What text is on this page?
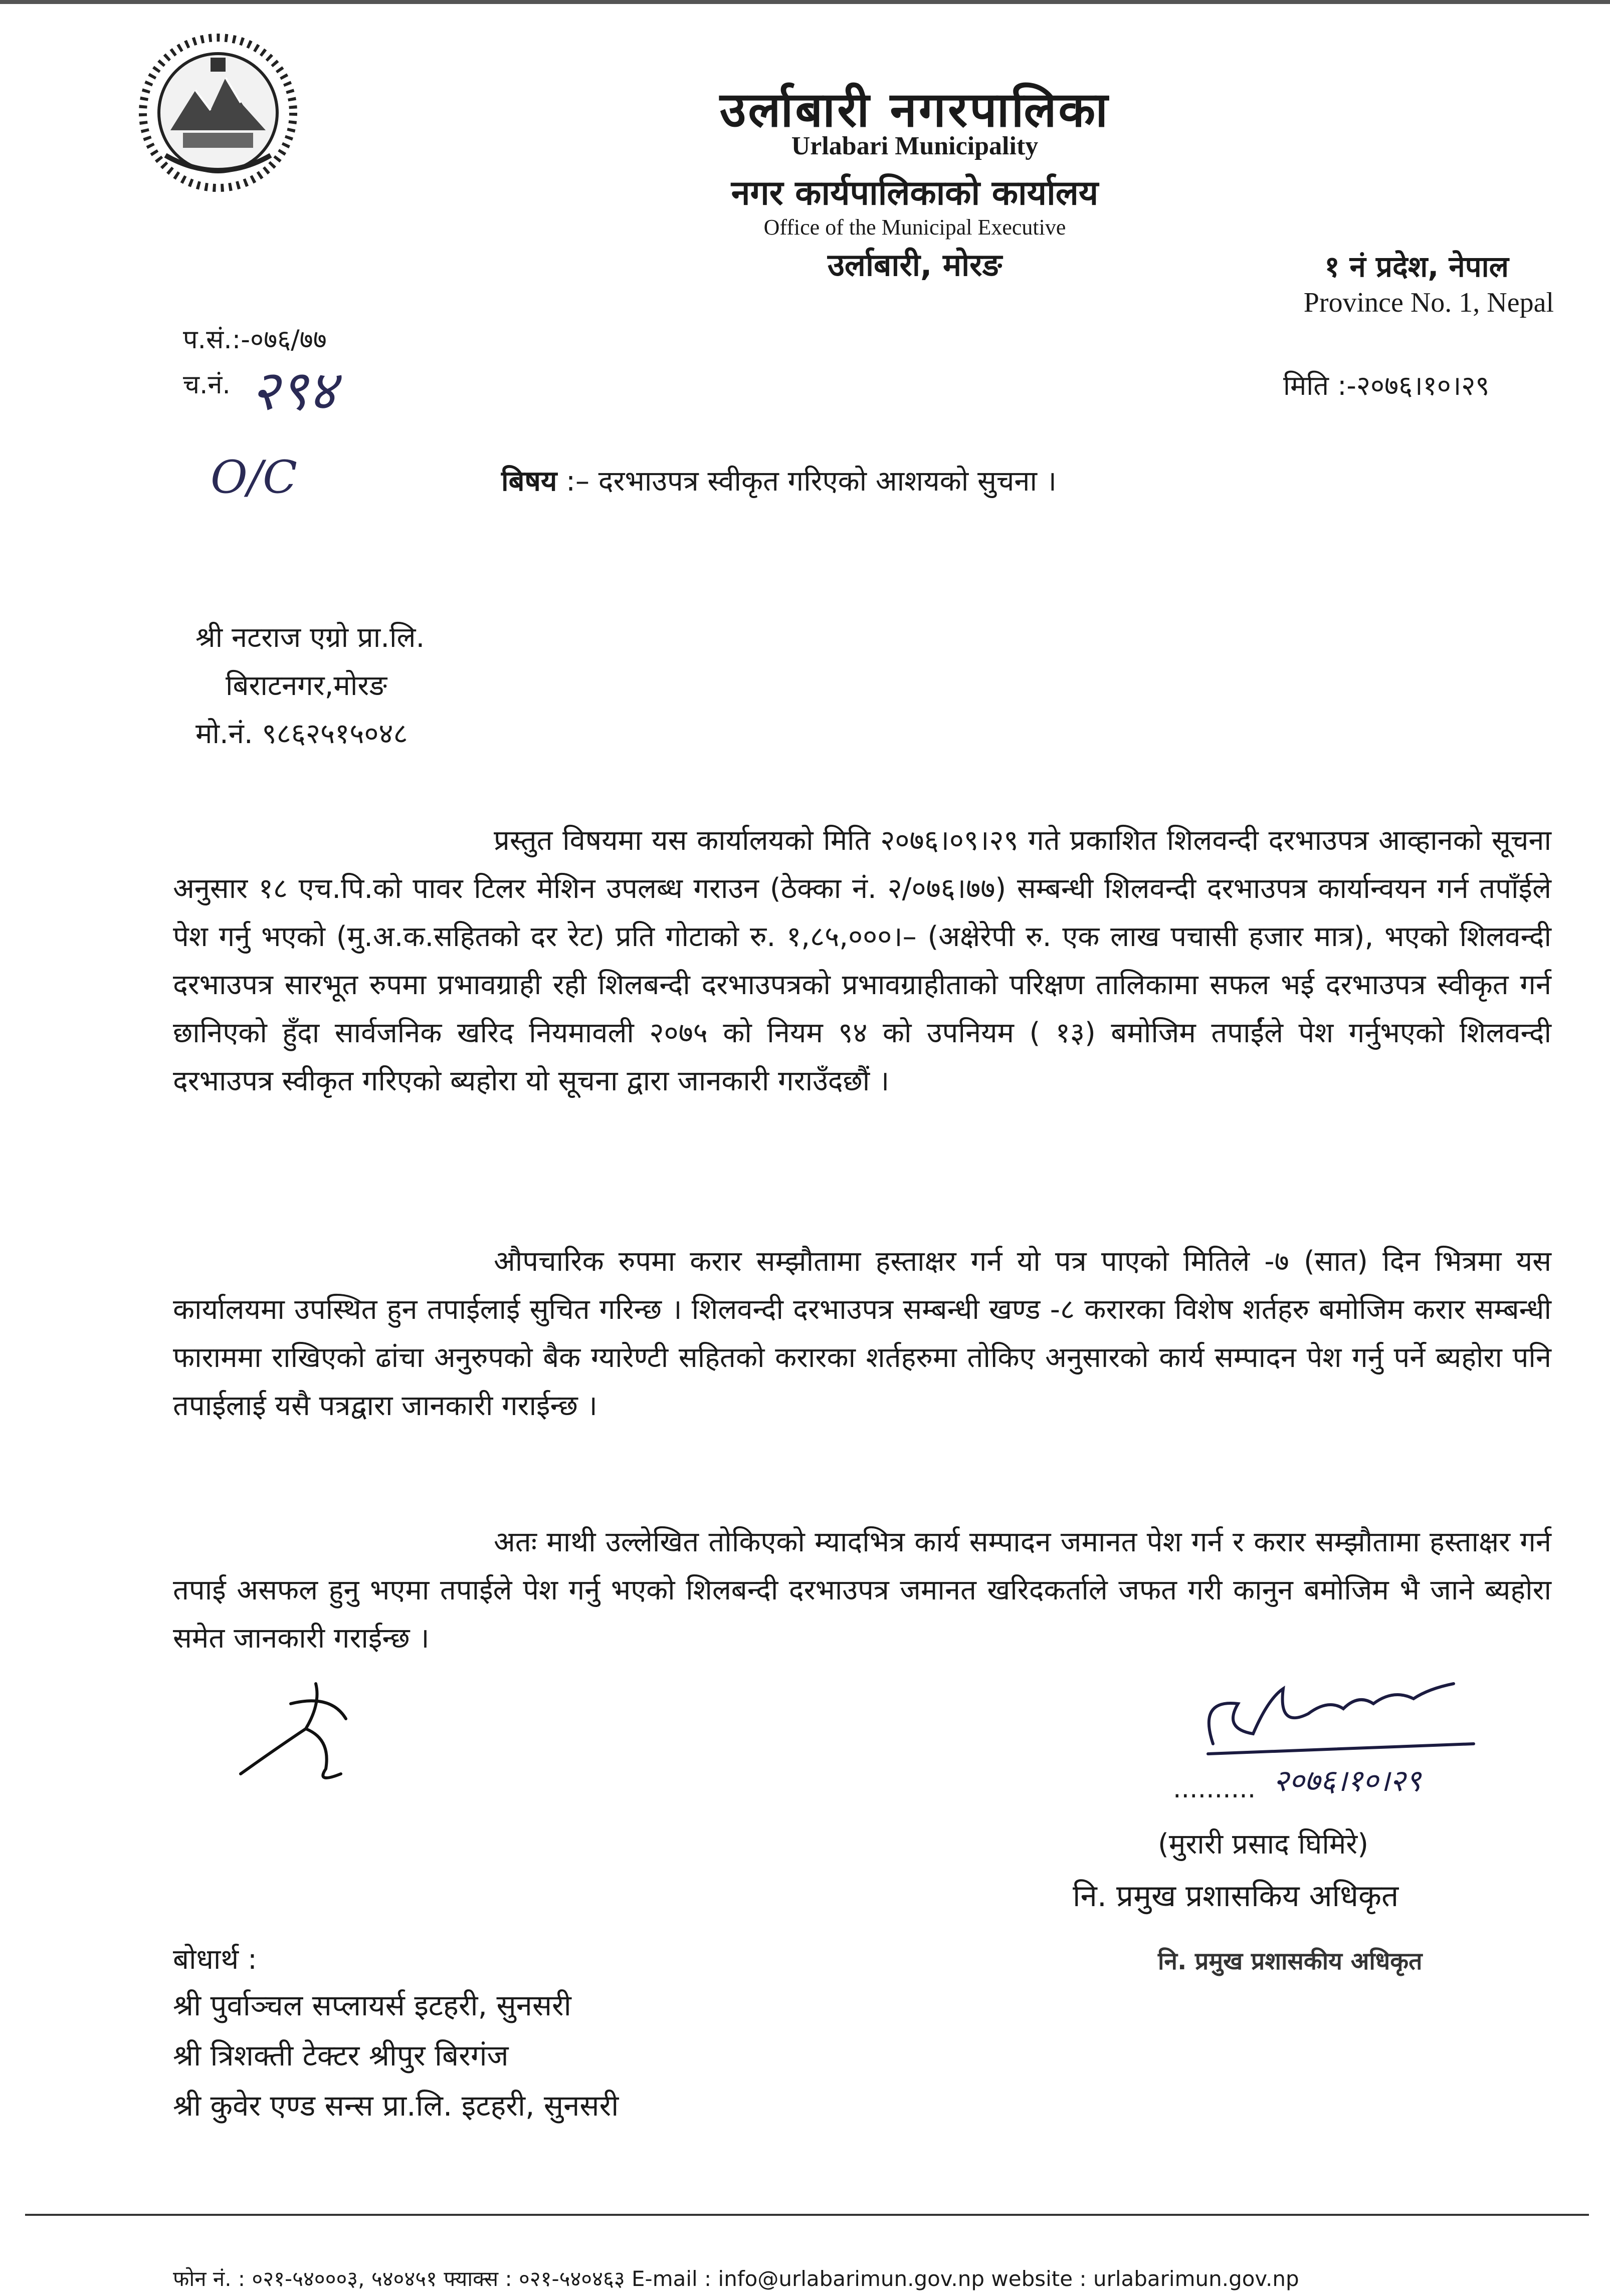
उर्लाबारी नगरपालिका
Urlabari Municipality
नगर कार्यपालिकाको कार्यालय
Office of the Municipal Executive
उर्लाबारी, मोरङ	१ नं प्रदेश, नेपाल
Province No. 1, Nepal
प.सं.:-०७६/७७
च.नं. २९४
O/C
मिति :-२०७६।१०।२९
बिषय :– दरभाउपत्र स्वीकृत गरिएको आशयको सुचना ।
श्री नटराज एग्रो प्रा.लि.
बिराटनगर,मोरङ
मो.नं. ९८६२५१५०४८

प्रस्तुत विषयमा यस कार्यालयको मिति २०७६।०९।२९ गते प्रकाशित शिलवन्दी दरभाउपत्र आव्हानको सूचना अनुसार १८ एच.पि.को पावर टिलर मेशिन उपलब्ध गराउन (ठेक्का नं. २/०७६।७७) सम्बन्धी शिलवन्दी दरभाउपत्र कार्यान्वयन गर्न तपाँईले पेश गर्नु भएको (मु.अ.क.सहितको दर रेट) प्रति गोटाको रु. १,८५,०००।– (अक्षेरेपी रु. एक लाख पचासी हजार मात्र), भएको शिलवन्दी दरभाउपत्र सारभूत रुपमा प्रभावग्राही रही शिलबन्दी दरभाउपत्रको प्रभावग्राहीताको परिक्षण तालिकामा सफल भई दरभाउपत्र स्वीकृत गर्न छानिएको हुँदा सार्वजनिक खरिद नियमावली २०७५ को नियम ९४ को उपनियम ( १३) बमोजिम तपाईंले पेश गर्नुभएको शिलवन्दी दरभाउपत्र स्वीकृत गरिएको ब्यहोरा यो सूचना द्वारा जानकारी गराउँदछौं ।

औपचारिक रुपमा करार सम्झौतामा हस्ताक्षर गर्न यो पत्र पाएको मितिले -७ (सात) दिन भित्रमा यस कार्यालयमा उपस्थित हुन तपाईलाई सुचित गरिन्छ । शिलवन्दी दरभाउपत्र सम्बन्धी खण्ड -८ करारका विशेष शर्तहरु बमोजिम करार सम्बन्धी फाराममा राखिएको ढांचा अनुरुपको बैक ग्यारेण्टी सहितको करारका शर्तहरुमा तोकिए अनुसारको कार्य सम्पादन पेश गर्नु पर्ने ब्यहोरा पनि तपाईलाई यसै पत्रद्वारा जानकारी गराईन्छ ।

अतः माथी उल्लेखित तोकिएको म्यादभित्र कार्य सम्पादन जमानत पेश गर्न र करार सम्झौतामा हस्ताक्षर गर्न तपाई असफल हुनु भएमा तपाईले पेश गर्नु भएको शिलबन्दी दरभाउपत्र जमानत खरिदकर्ताले जफत गरी कानुन बमोजिम भै जाने ब्यहोरा समेत जानकारी गराईन्छ ।

.......... २०७६।१०।२९
(मुरारी प्रसाद घिमिरे)
नि. प्रमुख प्रशासकिय अधिकृत
नि. प्रमुख प्रशासकीय अधिकृत
बोधार्थ :
श्री पुर्वाञ्चल सप्लायर्स इटहरी, सुनसरी
श्री त्रिशक्ती टेक्टर श्रीपुर बिरगंज
श्री कुवेर एण्ड सन्स प्रा.लि. इटहरी, सुनसरी
फोन नं. : ०२१-५४०००३, ५४०४५१ फ्याक्स : ०२१-५४०४६३ E-mail : info@urlabarimun.gov.np website : urlabarimun.gov.np
